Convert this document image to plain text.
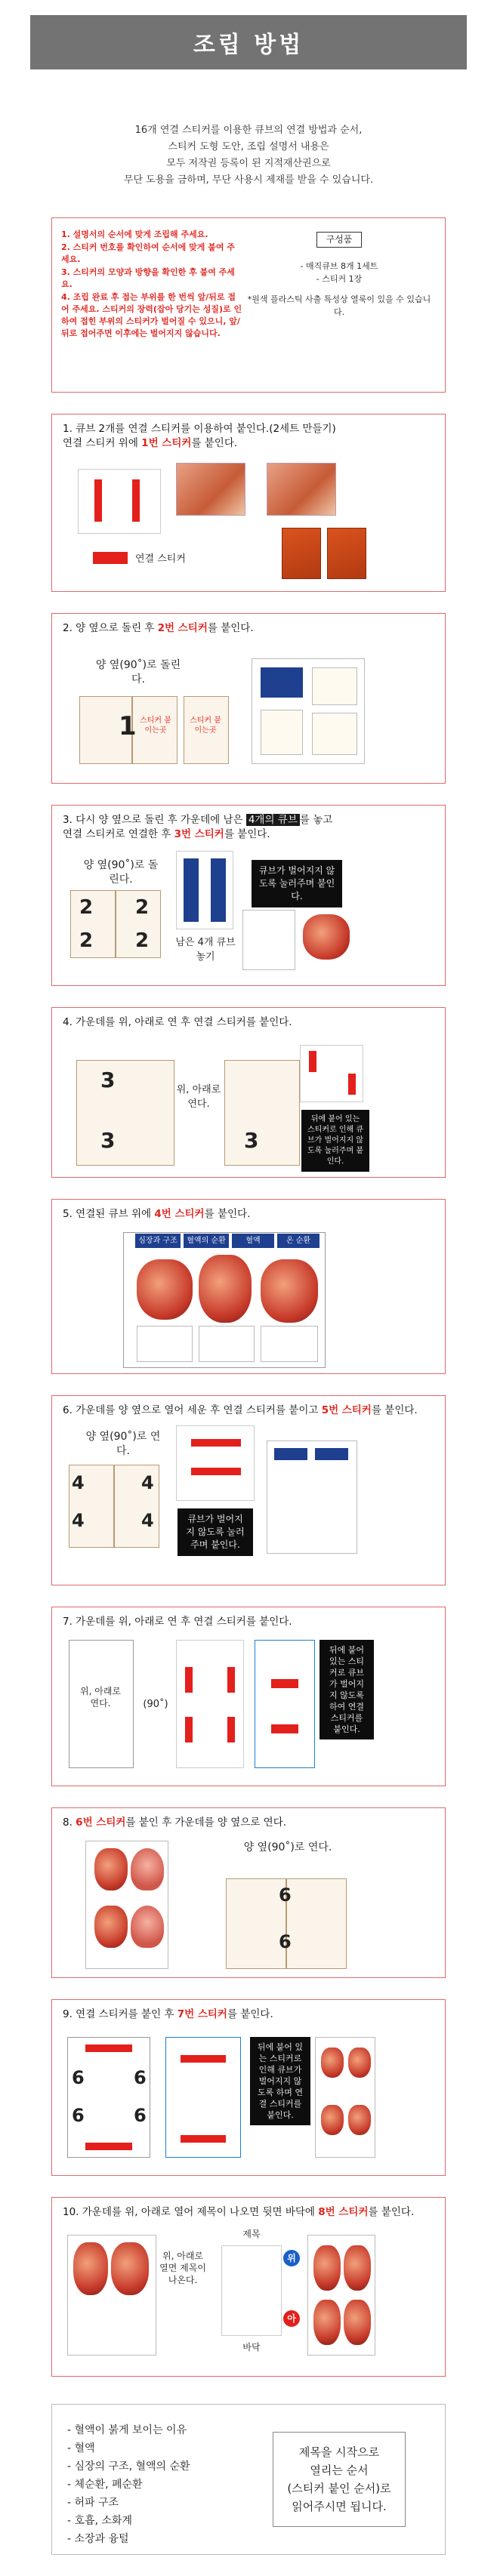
조립 방법
16개 연결 스티커를 이용한 큐브의 연결 방법과 순서,
스티커 도형 도안, 조립 설명서 내용은
모두 저작권 등록이 된 지적재산권으로
무단 도용을 금하며, 무단 사용시 제재를 받을 수 있습니다.
1. 설명서의 순서에 맞게 조립해 주세요.
2. 스티커 번호를 확인하여 순서에 맞게 붙여 주세요.
3. 스티커의 모양과 방향을 확인한 후 붙여 주세요.
4. 조립 완료 후 접는 부위를 한 번씩 앞/뒤로 접어 주세요. 스티커의 장력(잡아 당기는 성질)로 인하여 접힌 부위의 스티커가 벌어질 수 있으니, 앞/뒤로 접어주면 이후에는 벌어지지 않습니다.
구성품

- 매직큐브 8개 1세트

- 스티커 1장

*원색 플라스틱 사출 특성상 열룩이 있을 수 있습니다.

1. 큐브 2개를 연결 스티커를 이용하여 붙인다.(2세트 만들기)
연결 스티커 위에 1번 스티커를 붙인다.
연결 스티커
2. 양 옆으로 돌린 후 2번 스티커를 붙인다.
양 옆(90˚)로 돌린다.
1 스티커 붙이는곳
스티커 붙이는곳
3. 다시 양 옆으로 돌린 후 가운데에 남은 4개의 큐브 를 놓고
연결 스티커로 연결한 후 3번 스티커를 붙인다.
양 옆(90˚)로 돌린다.
2
2
2
2	남은 4개 큐브 놓기
큐브가 벌어지지 않도록 눌러주며 붙인다.
4. 가운데를 위, 아래로 연 후 연결 스티커를 붙인다.
3
3
위, 아래로 연다.
3
뒤에 붙어 있는 스티커로 인해 큐브가 벌어지지 않도록 눌러주며 붙인다.
5. 연결된 큐브 위에 4번 스티커를 붙인다.
심장과 구조	혈액의 순환	혈액	온 순환
6. 가운데를 양 옆으로 열어 세운 후 연결 스티커를 붙이고 5번 스티커를 붙인다.
양 옆(90˚)로 연다.
4
4
4
4	큐브가 벌어지지 않도록 눌러주며 붙인다.
7. 가운데를 위, 아래로 연 후 연결 스티커를 붙인다.
위, 아래로 연다.	(90˚)
뒤에 붙어 있는 스티커로 큐브가 벌어지지 않도록 하여 연결 스티커를 붙인다.
8. 6번 스티커를 붙인 후 가운데를 양 옆으로 연다.
양 옆(90˚)로 연다.
6
6
9. 연결 스티커를 붙인 후 7번 스티커를 붙인다.
6
6
6
6
뒤에 붙어 있는 스티커로 인해 큐브가 벌어지지 않도록 하며 연결 스티커를 붙인다.
10. 가운데를 위, 아래로 열어 제목이 나오면 뒷면 바닥에 8번 스티커를 붙인다.
위, 아래로 열면 제목이 나온다.
제목
위
아래
바닥
- 혈액이 붉게 보이는 이유
- 혈액
- 심장의 구조, 혈액의 순환
- 체순환, 폐순환
- 허파 구조
- 호흡, 소화계
- 소장과 융털
제목을 시작으로
열리는 순서
(스티커 붙인 순서)로
읽어주시면 됩니다.
